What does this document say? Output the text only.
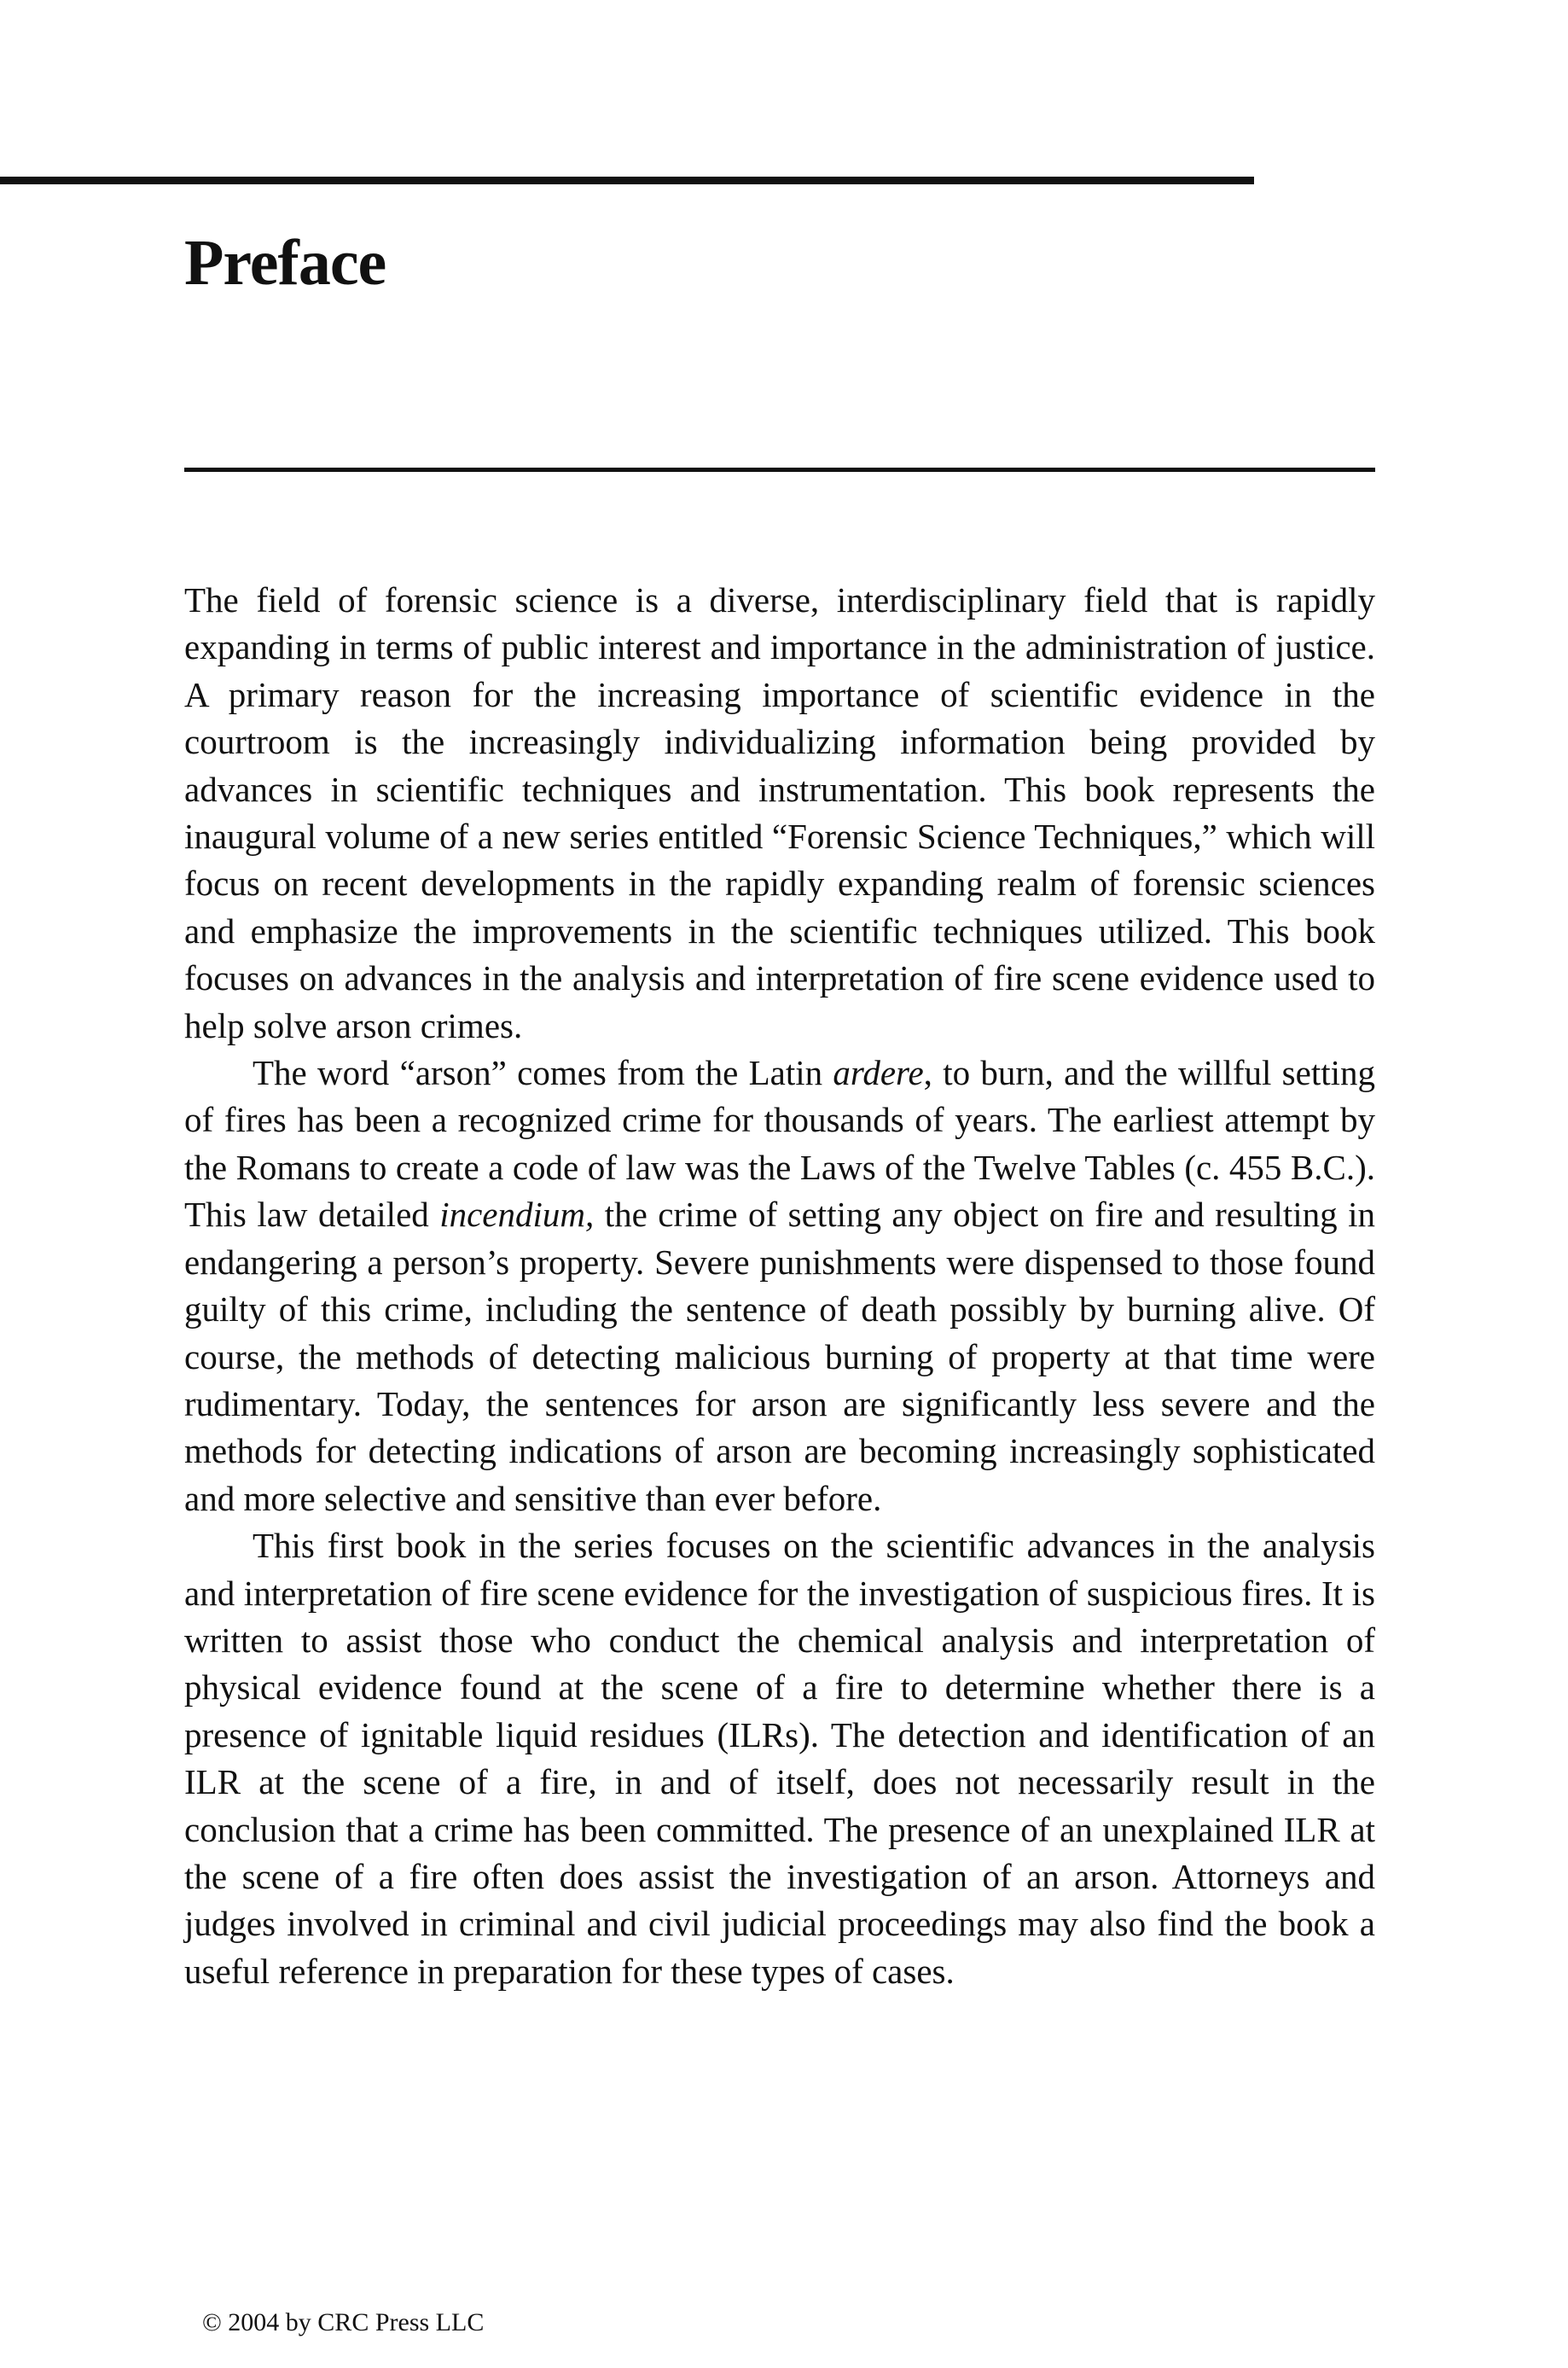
Preface

The field of forensic science is a diverse, interdisciplinary field that is rapidly expanding in terms of public interest and importance in the administration of justice. A primary reason for the increasing importance of scientific evidence in the courtroom is the increasingly individualizing information being provided by advances in scientific techniques and instrumentation. This book represents the inaugural volume of a new series entitled “Forensic Science Techniques,” which will focus on recent developments in the rapidly expanding realm of forensic sciences and emphasize the improvements in the scientific techniques utilized. This book focuses on advances in the analysis and interpretation of fire scene evidence used to help solve arson crimes.

The word “arson” comes from the Latin ardere, to burn, and the willful setting of fires has been a recognized crime for thousands of years. The earliest attempt by the Romans to create a code of law was the Laws of the Twelve Tables (c. 455 B.C.). This law detailed incendium, the crime of setting any object on fire and resulting in endangering a person’s property. Severe punishments were dispensed to those found guilty of this crime, including the sentence of death possibly by burning alive. Of course, the methods of detecting malicious burning of property at that time were rudimentary. Today, the sentences for arson are significantly less severe and the methods for detecting indications of arson are becoming increasingly sophisticated and more selective and sensitive than ever before.

This first book in the series focuses on the scientific advances in the analysis and interpretation of fire scene evidence for the investigation of suspicious fires. It is written to assist those who conduct the chemical analysis and interpretation of physical evidence found at the scene of a fire to determine whether there is a presence of ignitable liquid residues (ILRs). The detection and identification of an ILR at the scene of a fire, in and of itself, does not necessarily result in the conclusion that a crime has been committed. The presence of an unexplained ILR at the scene of a fire often does assist the investigation of an arson. Attorneys and judges involved in criminal and civil judicial proceedings may also find the book a useful reference in preparation for these types of cases.

© 2004 by CRC Press LLC
